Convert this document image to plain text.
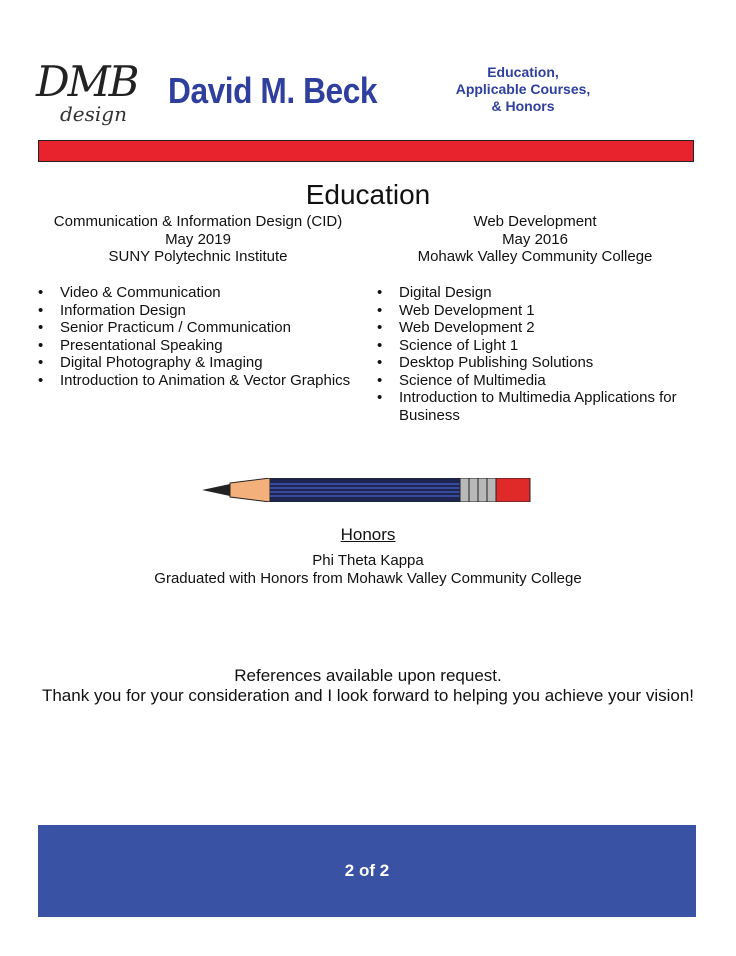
DMB
design
David M. Beck	Education,
Applicable Courses,
& Honors
Education
Communication & Information Design (CID)
May 2019
SUNY Polytechnic Institute
Web Development
May 2016
Mohawk Valley Community College
• Video & Communication
• Information Design
• Senior Practicum / Communication
• Presentational Speaking
• Digital Photography & Imaging
• Introduction to Animation & Vector Graphics
• Digital Design
• Web Development 1
• Web Development 2
• Science of Light 1
• Desktop Publishing Solutions
• Science of Multimedia
• Introduction to Multimedia Applications for Business
Honors
Phi Theta Kappa
Graduated with Honors from Mohawk Valley Community College
References available upon request.
Thank you for your consideration and I look forward to helping you achieve your vision!
2 of 2
